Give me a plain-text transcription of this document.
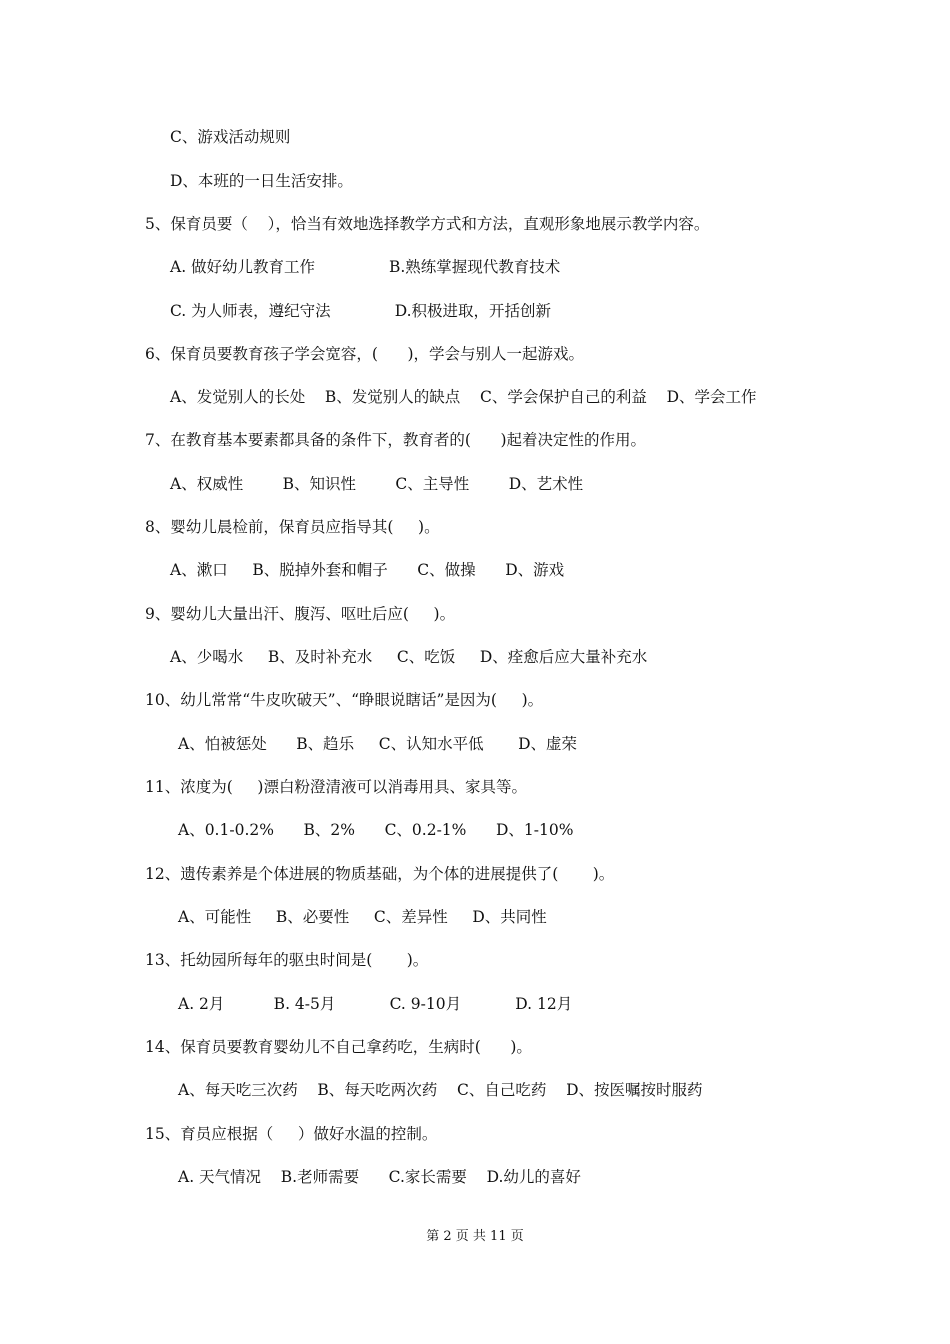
C、游戏活动规则
D、本班的一日生活安排。
5、保育员要（    ），恰当有效地选择教学方式和方法，直观形象地展示教学内容。
A. 做好幼儿教育工作               B.熟练掌握现代教育技术
C. 为人师表，遵纪守法             D.积极进取，开括创新
6、保育员要教育孩子学会宽容，(      )，学会与别人一起游戏。
A、发觉别人的长处    B、发觉别人的缺点    C、学会保护自己的利益    D、学会工作
7、在教育基本要素都具备的条件下，教育者的(      )起着决定性的作用。
A、权威性        B、知识性        C、主导性        D、艺术性
8、婴幼儿晨检前，保育员应指导其(     )。
A、漱口     B、脱掉外套和帽子      C、做操      D、游戏
9、婴幼儿大量出汗、腹泻、呕吐后应(     )。
A、少喝水     B、及时补充水     C、吃饭     D、痊愈后应大量补充水
10、幼儿常常“牛皮吹破天”、“睁眼说瞎话”是因为(     )。
A、怕被惩处      B、趋乐     C、认知水平低       D、虚荣
11、浓度为(     )漂白粉澄清液可以消毒用具、家具等。
A、0.1-0.2%      B、2%      C、0.2-1%      D、1-10%
12、遗传素养是个体进展的物质基础，为个体的进展提供了(       )。
A、可能性     B、必要性     C、差异性     D、共同性
13、托幼园所每年的驱虫时间是(       )。
A. 2月          B. 4-5月           C. 9-10月           D. 12月
14、保育员要教育婴幼儿不自己拿药吃，生病时(      )。
A、每天吃三次药    B、每天吃两次药    C、自己吃药    D、按医嘱按时服药
15、育员应根据（     ）做好水温的控制。
A. 天气情况    B.老师需要      C.家长需要    D.幼儿的喜好
第 2 页 共 11 页
